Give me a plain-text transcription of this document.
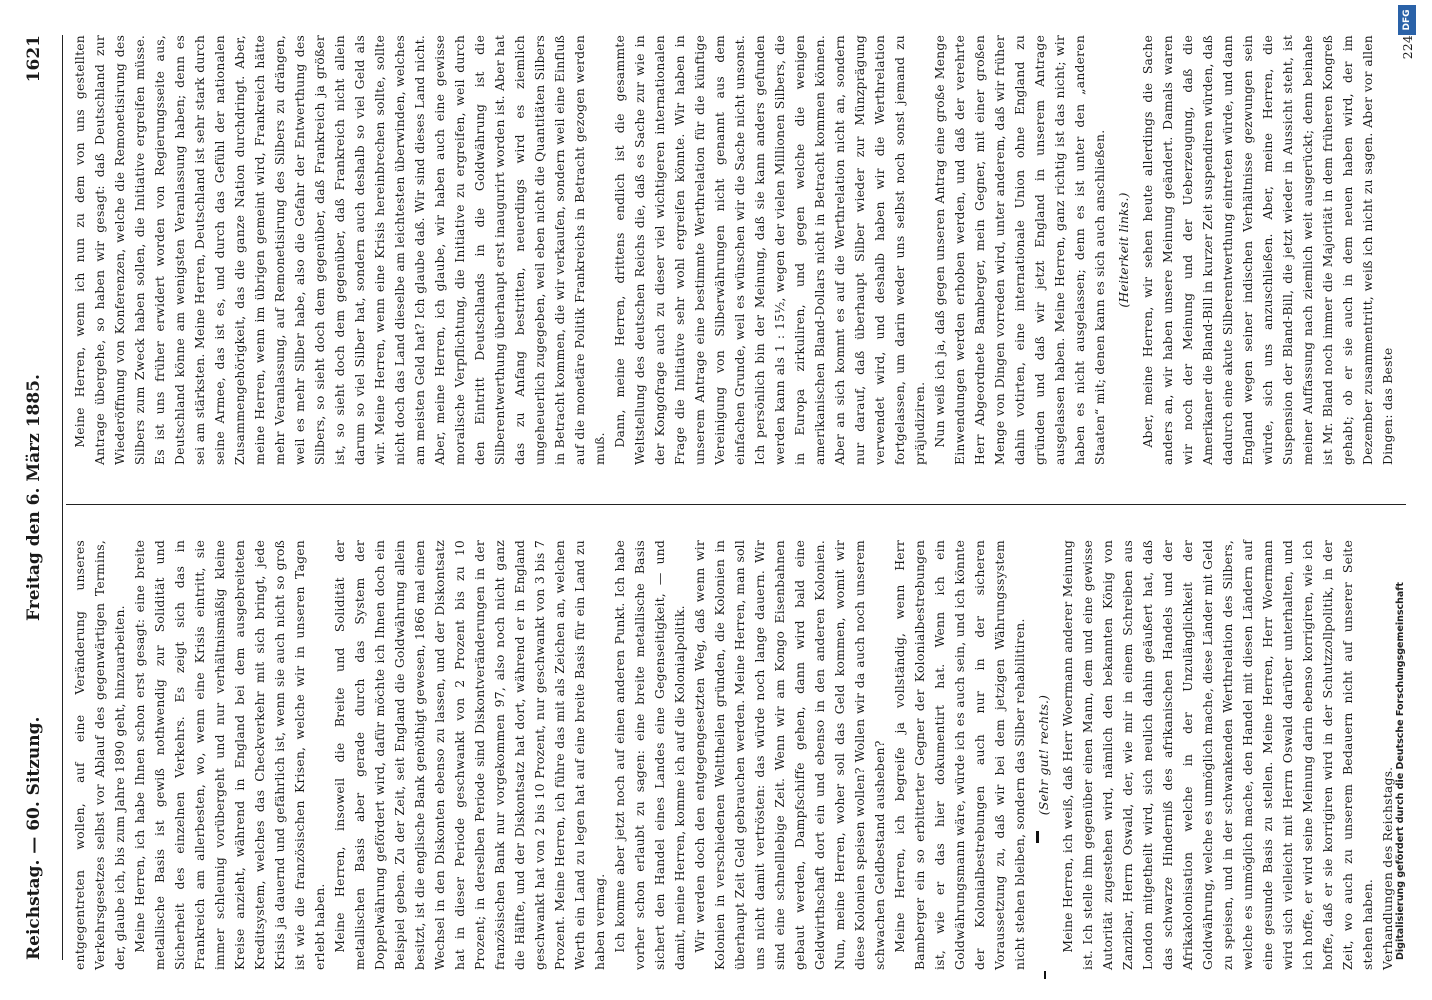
Reichstag. — 60. Sitzung.
Freitag den 6. März 1885.
1621

entgegentreten wollen, auf eine Veränderung unseres Verkehrsgesetzes selbst vor Ablauf des gegenwärtigen Termins, der, glaube ich, bis zum Jahre 1890 geht, hinzuarbeiten. Meine Herren, ich habe Ihnen schon erst gesagt: eine breite metallische Basis ist gewiß nothwendig zur Solidität und Sicherheit des einzelnen Verkehrs. Es zeigt sich das in Frankreich am allerbesten, wo, wenn eine Krisis eintritt, sie immer schleunig vorübergeht und nur verhältnismäßig kleine Kreise anzieht, während in England bei dem ausgebreiteten Kreditsystem, welches das Checkverkehr mit sich bringt, jede Krisis ja dauernd und gefährlich ist, wenn sie auch nicht so groß ist wie die französischen Krisen, welche wir in unseren Tagen erlebt haben. Meine Herren, insoweil die Breite und Solidität der metallischen Basis aber gerade durch das System der Doppelwährung gefördert wird, dafür möchte ich Ihnen doch ein Beispiel geben. Zu der Zeit, seit England die Goldwährung allein besitzt, ist die englische Bank genöthigt gewesen, 1866 mal einen Wechsel in den Diskonten ebenso zu lassen, und der Diskontsatz hat in dieser Periode geschwankt von 2 Prozent bis zu 10 Prozent; in derselben Periode sind Diskontveränderungen in der französischen Bank nur vorgekommen 97, also noch nicht ganz die Hälfte, und der Diskontsatz hat dort, während er in England geschwankt hat von 2 bis 10 Prozent, nur geschwankt von 3 bis 7 Prozent. Meine Herren, ich führe das mit als Zeichen an, welchen Werth ein Land zu legen hat auf eine breite Basis für ein Land zu haben vermag. Ich komme aber jetzt noch auf einen anderen Punkt. Ich habe vorher schon erlaubt zu sagen: eine breite metallische Basis sichert den Handel eines Landes eine Gegenseitigkeit, — und damit, meine Herren, komme ich auf die Kolonialpolitik. Wir werden doch den entgegengesetzten Weg, daß wenn wir Kolonien in verschiedenen Welttheilen gründen, die Kolonien in überhaupt Zeit Geld gebrauchen werden. Meine Herren, man soll uns nicht damit vertrösten: das würde noch lange dauern. Wir sind eine schnelllebige Zeit. Wenn wir am Kongo Eisenbahnen gebaut werden, Dampfschiffe gehen, dann wird bald eine Geldwirthschaft dort ein und ebenso in den anderen Kolonien. Nun, meine Herren, woher soll das Geld kommen, womit wir diese Kolonien speisen wollen? Wollen wir da auch noch unserem schwachen Geldbestand ausheben? Meine Herren, ich begreife ja vollständig, wenn Herr Bamberger ein so erbitterter Gegner der Kolonialbestrebungen ist, wie er das hier dokumentirt hat. Wenn ich ein Goldwährungsmann wäre, würde ich es auch sein, und ich könnte der Kolonialbestrebungen auch nur in der sicheren Voraussetzung zu, daß wir bei dem jetzigen Währungssystem nicht stehen bleiben, sondern das Silber rehabilitiren. (Sehr gut! rechts.) Meine Herren, ich weiß, daß Herr Woermann anderer Meinung ist. Ich stelle ihm gegenüber einen Mann, dem und eine gewisse Autorität zugestehen wird, nämlich den bekannten König von Zanzibar, Herrn Oswald, der, wie mir in einem Schreiben aus London mitgetheilt wird, sich neulich dahin geäußert hat, daß das schwarze Hinderniß des afrikanischen Handels und der Afrikakolonisation welche in der Unzulänglichkeit der Goldwährung, welche es unmöglich mache, diese Länder mit Geld zu speisen, und in der schwankenden Werthrelation des Silbers, welche es unmöglich mache, den Handel mit diesen Ländern auf eine gesunde Basis zu stellen. Meine Herren, Herr Woermann wird sich vielleicht mit Herrn Oswald darüber unterhalten, und ich hoffe, er wird seine Meinung darin ebenso korrigiren, wie ich hoffe, daß er sie korrigiren wird in der Schutzzollpolitik, in der Zeit, wo auch zu unserem Bedauern nicht auf unserer Seite stehen haben. Verhandlungen des Reichstags.

Meine Herren, wenn ich nun zu dem von uns gestellten Antrage übergehe, so haben wir gesagt: daß Deutschland zur Wiederöffnung von Konferenzen, welche die Remonetisirung des Silbers zum Zweck haben sollen, die Initiative ergreifen müsse. Es ist uns früher erwidert worden von Regierungsseite aus, Deutschland könne am wenigsten Veranlassung haben; denn es sei am stärksten. Meine Herren, Deutschland ist sehr stark durch seine Armee, das ist es, und durch das Gefühl der nationalen Zusammengehörigkeit, das die ganze Nation durchdringt. Aber, meine Herren, wenn im übrigen gemeint wird, Frankreich hätte mehr Veranlassung, auf Remonetisirung des Silbers zu drängen, weil es mehr Silber habe, also die Gefahr der Entwerthung des Silbers, so sieht doch dem gegenüber, daß Frankreich ja größer ist, so sieht doch dem gegenüber, daß Frankreich nicht allein darum so viel Silber hat, sondern auch deshalb so viel Geld als wir. Meine Herren, wenn eine Krisis hereinbrechen sollte, sollte nicht doch das Land dieselbe am leichtesten überwinden, welches am meisten Geld hat? Ich glaube daß. Wir sind dieses Land nicht. Aber, meine Herren, ich glaube, wir haben auch eine gewisse moralische Verpflichtung, die Initiative zu ergreifen, weil durch den Eintritt Deutschlands in die Goldwährung ist die Silberentwerthung überhaupt erst inaugurirt worden ist. Aber hat das zu Anfang bestritten, neuerdings wird es ziemlich ungeheuerlich zugegeben, weil eben nicht die Quantitäten Silbers in Betracht kommen, die wir verkaufen, sondern weil eine Einfluß auf die monetäre Politik Frankreichs in Betracht gezogen werden muß.

Dann, meine Herren, drittens endlich ist die gesammte Weltstellung des deutschen Reichs die, daß es Sache zur wie in der Kongofrage auch zu dieser viel wichtigeren internationalen Frage die Initiative sehr wohl ergreifen könnte. Wir haben in unserem Antrage eine bestimmte Werthrelation für die künftige Vereinigung von Silberwährungen nicht genannt aus dem einfachen Grunde, weil es wünschen wir die Sache nicht unsonst. Ich persönlich bin der Meinung, daß sie kann anders gefunden werden kann als 1 : 15½, wegen der vielen Millionen Silbers, die in Europa zirkuliren, und gegen welche die wenigen amerikanischen Bland-Dollars nicht in Betracht kommen können. Aber an sich kommt es auf die Werthrelation nicht an, sondern nur darauf, daß überhaupt Silber wieder zur Münzprägung verwendet wird, und deshalb haben wir die Werthrelation fortgelassen, um darin weder uns selbst noch sonst jemand zu präjudiziren. Nun weiß ich ja, daß gegen unseren Antrag eine große Menge Einwendungen werden erhoben werden, und daß der verehrte Herr Abgeordnete Bamberger, mein Gegner, mit einer großen Menge von Dingen vorreden wird, unter anderem, daß wir früher dahin votirten, eine internationale Union ohne England zu gründen und daß wir jetzt England in unserem Antrage ausgelassen haben. Meine Herren, ganz richtig ist das nicht; wir haben es nicht ausgelassen; denn es ist unter den „anderen Staaten“ mit; denen kann es sich auch anschließen. (Heiterkeit links.) Aber, meine Herren, wir sehen heute allerdings die Sache anders an, wir haben unsere Meinung geändert. Damals waren wir noch der Meinung und der Ueberzeugung, daß die Amerikaner die Bland-Bill in kurzer Zeit suspendiren würden, daß dadurch eine akute Silberentwerthung eintreten würde, und dann England wegen seiner indischen Verhältnisse gezwungen sein würde, sich uns anzuschließen. Aber, meine Herren, die Suspension der Bland-Bill, die jetzt wieder in Aussicht steht, ist meiner Auffassung nach ziemlich weit ausgerückt; denn beinahe ist Mr. Bland noch immer die Majorität in dem früheren Kongreß gehabt; ob er sie auch in dem neuen haben wird, der im Dezember zusammentritt, weiß ich nicht zu sagen. Aber vor allen Dingen: das Beste

224

Digitalisierung gefördert durch die Deutsche Forschungsgemeinschaft
DFG
